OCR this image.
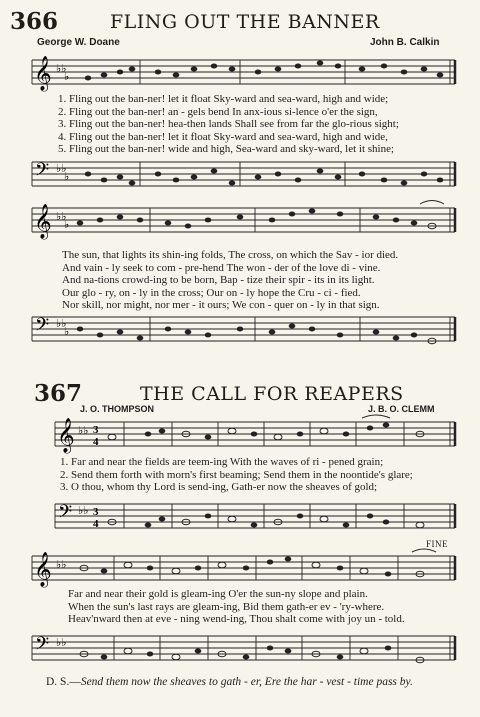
366	FLING OUT THE BANNER
George W. Doane	John B. Calkin
𝄞 ♭♭
♭
1. Fling out the ban-ner! let it float Sky-ward and sea-ward, high and wide;
2. Fling out the ban-ner! an - gels bend In anx-ious si-lence o'er the sign,
3. Fling out the ban-ner! hea-then lands Shall see from far the glo-rious sight;
4. Fling out the ban-ner! let it float Sky-ward and sea-ward, high and wide,
5. Fling out the ban-ner! wide and high, Sea-ward and sky-ward, let it shine;
𝄢 ♭♭
♭
𝄞 ♭♭
♭
The sun, that lights its shin-ing folds, The cross, on which the Sav - ior died.
And vain - ly seek to com - pre-hend The won - der of the love di - vine.
And na-tions crowd-ing to be born, Bap - tize their spir - its in its light.
Our glo - ry, on - ly in the cross; Our on - ly hope the Cru - ci - fied.
Nor skill, nor might, nor mer - it ours; We con - quer on - ly in that sign.
𝄢 ♭♭
♭
367	THE CALL FOR REAPERS
J. O. THOMPSON	J. B. O. CLEMM
𝄞 ♭♭ 3
4
1. Far and near the fields are teem-ing With the waves of ri - pened grain;
2. Send them forth with morn's first beaming; Send them in the noontide's glare;
3. O thou, whom thy Lord is send-ing, Gath-er now the sheaves of gold;
𝄢 ♭♭ 3
4
FINE
𝄞 ♭♭
Far and near their gold is gleam-ing O'er the sun-ny slope and plain.
When the sun's last rays are gleam-ing, Bid them gath-er ev - 'ry-where.
Heav'nward then at eve - ning wend-ing, Thou shalt come with joy un - told.
𝄢 ♭♭
D. S.—Send them now the sheaves to gath - er, Ere the har - vest - time pass by.
